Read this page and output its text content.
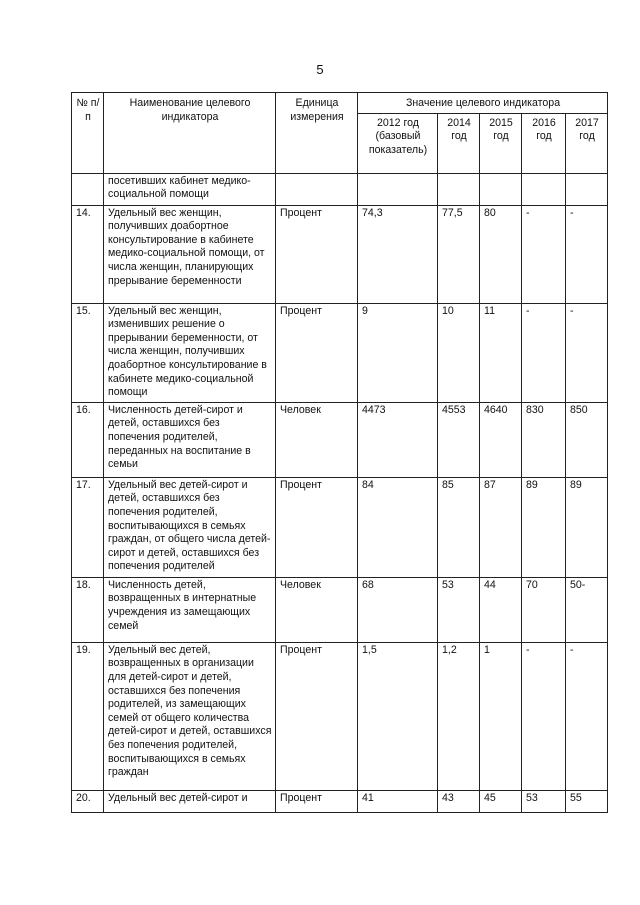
5
№ п/п	Наименование целевого индикатора	Единица измерения	Значение целевого индикатора				
			2012 год (базовый показатель)	2014 год	2015 год	2016 год	2017 год
	посетивших кабинет медико-социальной помощи						
14.	Удельный вес женщин, получивших доабортное консультирование в кабинете медико-социальной помощи, от числа женщин, планирующих прерывание беременности	Процент	74,3	77,5	80	-	-
15.	Удельный вес женщин, изменивших решение о прерывании беременности, от числа женщин, получивших доабортное консультирование в кабинете медико-социальной помощи	Процент	9	10	11	-	-
16.	Численность детей-сирот и детей, оставшихся без попечения родителей, переданных на воспитание в семьи	Человек	4473	4553	4640	830	850
17.	Удельный вес детей-сирот и детей, оставшихся без попечения родителей, воспитывающихся в семьях граждан, от общего числа детей-сирот и детей, оставшихся без попечения родителей	Процент	84	85	87	89	89
18.	Численность детей, возвращенных в интернатные учреждения из замещающих семей	Человек	68	53	44	70	50-
19.	Удельный вес детей, возвращенных в организации для детей-сирот и детей, оставшихся без попечения родителей, из замещающих семей от общего количества детей-сирот и детей, оставшихся без попечения родителей, воспитывающихся в семьях граждан	Процент	1,5	1,2	1	-	-
20.	Удельный вес детей-сирот и	Процент	41	43	45	53	55
